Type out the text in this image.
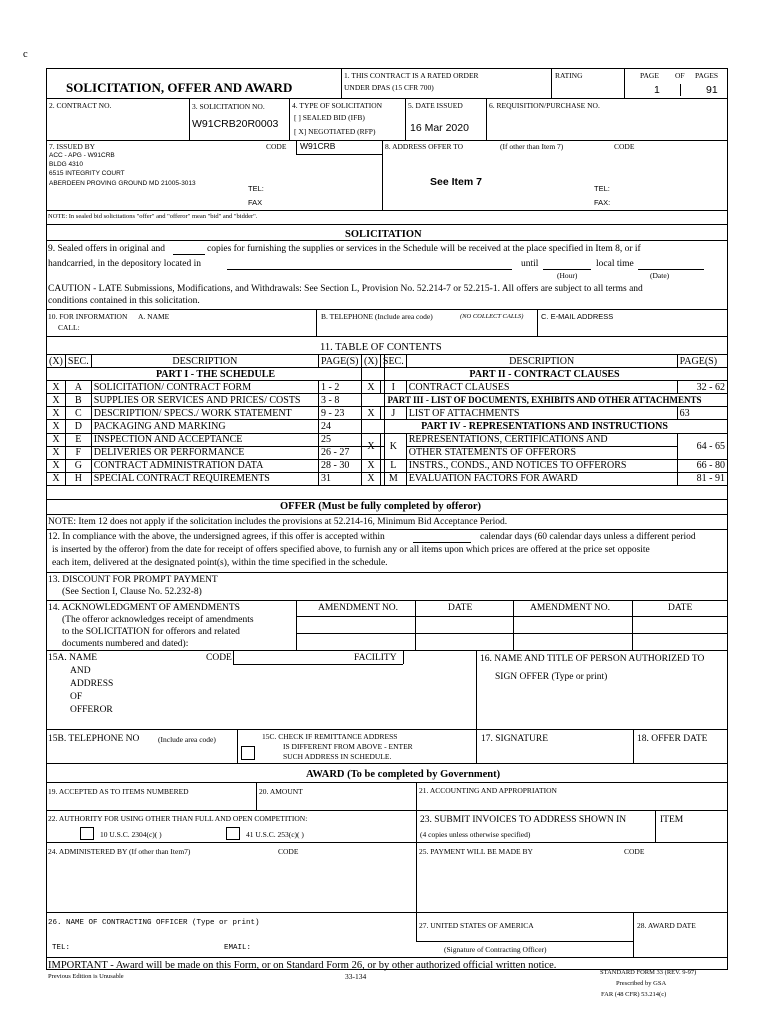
c
SOLICITATION, OFFER AND AWARD
1. THIS CONTRACT IS A RATED ORDER
UNDER DPAS (15 CFR 700)
RATING	PAGE OF PAGES
1	91
2. CONTRACT NO.	3. SOLICITATION NO.
W91CRB20R0003
4. TYPE OF SOLICITATION
[ ] SEALED BID (IFB)
[ X] NEGOTIATED (RFP)
5. DATE ISSUED
16 Mar 2020
6. REQUISITION/PURCHASE NO.
7. ISSUED BY	CODE W91CRB
ACC - APG - W91CRB
BLDG 4310
6515 INTEGRITY COURT
ABERDEEN PROVING GROUND MD 21005-3013
TEL:
FAX
8. ADDRESS OFFER TO	(If other than Item 7)	CODE
See Item 7
TEL:
FAX:
NOTE: In sealed bid solicitations "offer" and "offeror" mean "bid" and "bidder".
SOLICITATION
9. Sealed offers in original and	copies for furnishing the supplies or services in the Schedule will be received at the place specified in Item 8, or if
handcarried, in the depository located in	until	local time
(Hour)	(Date)
CAUTION - LATE Submissions, Modifications, and Withdrawals: See Section L, Provision No. 52.214-7 or 52.215-1. All offers are subject to all terms and
conditions contained in this solicitation.
10. FOR INFORMATION
CALL:
A. NAME	B. TELEPHONE (Include area code)	(NO COLLECT CALLS) C. E-MAIL ADDRESS
11. TABLE OF CONTENTS
(X)	SEC.	DESCRIPTION	PAGE(S)
PART I - THE SCHEDULE			
X	A	SOLICITATION/ CONTRACT FORM	1 - 2
X	B	SUPPLIES OR SERVICES AND PRICES/ COSTS	3 - 8
X	C	DESCRIPTION/ SPECS./ WORK STATEMENT	9 - 23
X	D	PACKAGING AND MARKING	24
X	E	INSPECTION AND ACCEPTANCE	25
X	F	DELIVERIES OR PERFORMANCE	26 - 27
X	G	CONTRACT ADMINISTRATION DATA	28 - 30
X	H	SPECIAL CONTRACT REQUIREMENTS	31
(X)	SEC.	DESCRIPTION	PAGE(S)
PART II - CONTRACT CLAUSES			
X	I	CONTRACT CLAUSES	32 - 62
PART III - LIST OF DOCUMENTS, EXHIBITS AND OTHER ATTACHMENTS			
X	J	LIST OF ATTACHMENTS	63
PART IV - REPRESENTATIONS AND INSTRUCTIONS			
X	K	REPRESENTATIONS, CERTIFICATIONS AND	64 - 65
		OTHER STATEMENTS OF OFFERORS	
X	L	INSTRS., CONDS., AND NOTICES TO OFFERORS	66 - 80
X	M	EVALUATION FACTORS FOR AWARD	81 - 91
OFFER (Must be fully completed by offeror)
NOTE: Item 12 does not apply if the solicitation includes the provisions at 52.214-16, Minimum Bid Acceptance Period.
12. In compliance with the above, the undersigned agrees, if this offer is accepted within	calendar days (60 calendar days unless a different period
is inserted by the offeror) from the date for receipt of offers specified above, to furnish any or all items upon which prices are offered at the price set opposite
each item, delivered at the designated point(s), within the time specified in the schedule.
13. DISCOUNT FOR PROMPT PAYMENT
(See Section I, Clause No. 52.232-8)
14. ACKNOWLEDGMENT OF AMENDMENTS
(The offeror acknowledges receipt of amendments
to the SOLICITATION for offerors and related
documents numbered and dated):
AMENDMENT NO.	DATE	AMENDMENT NO.	DATE
15A. NAME
AND
ADDRESS
OF
OFFEROR
CODE	FACILITY	16. NAME AND TITLE OF PERSON AUTHORIZED TO
SIGN OFFER (Type or print)
15B. TELEPHONE NO (Include area code)	15C. CHECK IF REMITTANCE ADDRESS
IS DIFFERENT FROM ABOVE - ENTER
SUCH ADDRESS IN SCHEDULE.
17. SIGNATURE	18. OFFER DATE
AWARD (To be completed by Government)
19. ACCEPTED AS TO ITEMS NUMBERED	20. AMOUNT	21. ACCOUNTING AND APPROPRIATION
22. AUTHORITY FOR USING OTHER THAN FULL AND OPEN COMPETITION:
10 U.S.C. 2304(c)( )	41 U.S.C. 253(c)( )
23. SUBMIT INVOICES TO ADDRESS SHOWN IN
(4 copies unless otherwise specified)
ITEM
24. ADMINISTERED BY (If other than Item7)	CODE	25. PAYMENT WILL BE MADE BY	CODE
26. NAME OF CONTRACTING OFFICER (Type or print)
TEL:	EMAIL:
27. UNITED STATES OF AMERICA
(Signature of Contracting Officer)
28. AWARD DATE
IMPORTANT - Award will be made on this Form, or on Standard Form 26, or by other authorized official written notice.
Previous Edition is Unusable	33-134	STANDARD FORM 33 (REV. 9-97)
Prescribed by GSA
FAR (48 CFR) 53.214(c)
